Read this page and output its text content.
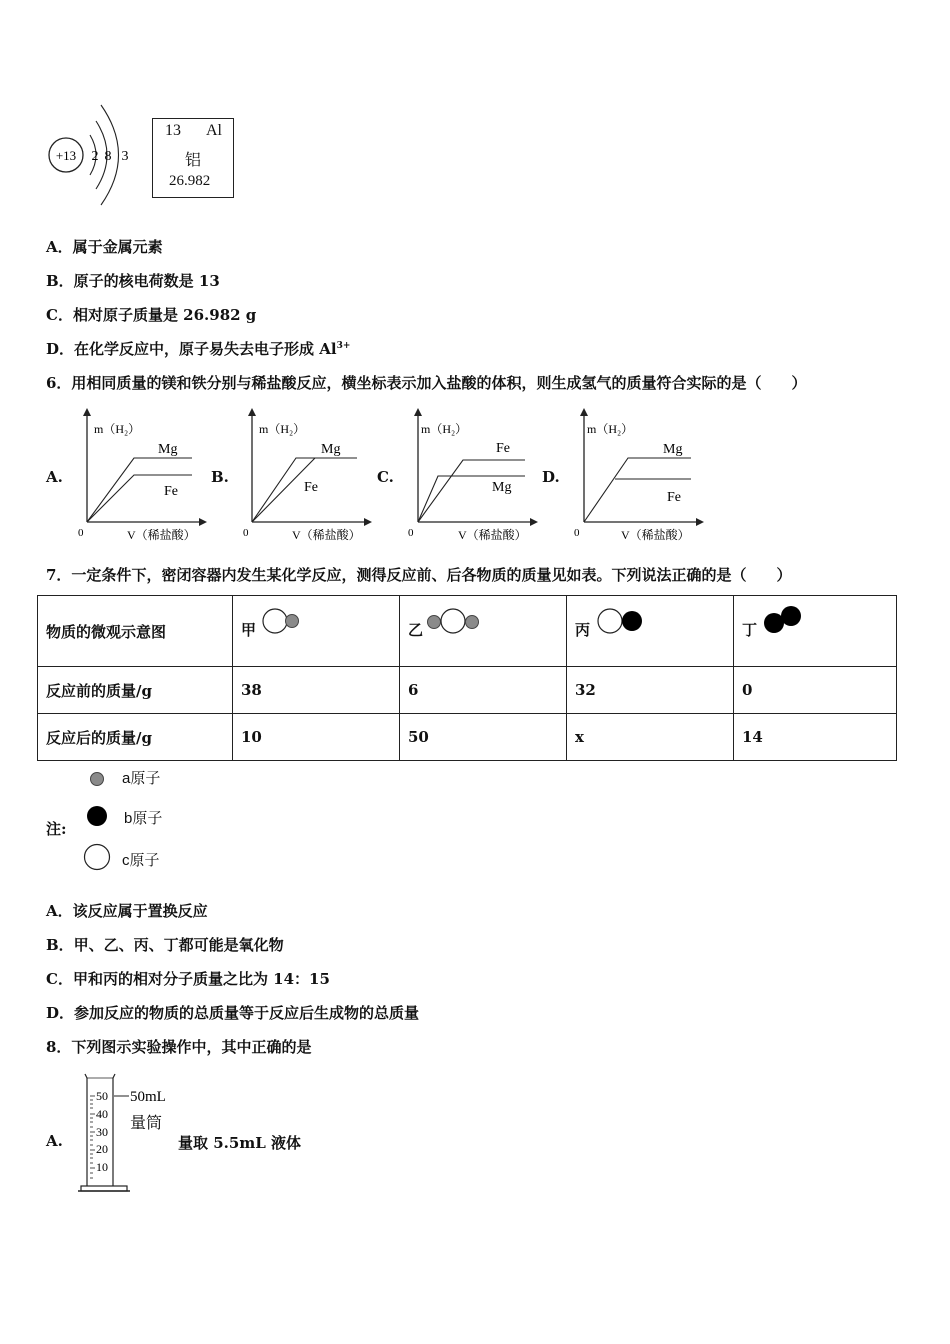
+13 2 8 3
13 Al
铝
26.982
A．属于金属元素
B．原子的核电荷数是 13
C．相对原子质量是 26.982 g
D．在化学反应中，原子易失去电子形成 $Al^{3+}$
6．用相同质量的镁和铁分别与稀盐酸反应，横坐标表示加入盐酸的体积，则生成氢气的质量符合实际的是（　　）
A.	B.	C.	D.
m（H₂）
V（稀盐酸）
0
Mg
Fe
m（H₂）
V（稀盐酸）
0
Mg
Fe
m（H₂）
V（稀盐酸）
0
Fe
Mg
m（H₂）
V（稀盐酸）
0
Mg
Fe
7．一定条件下，密闭容器内发生某化学反应，测得反应前、后各物质的质量见如表。下列说法正确的是（　　）
物质的微观示意图	甲	乙	丙	丁

反应前的质量/g	38	6	32	0
反应后的质量/g	10	50	x	14
注:
a原子
b原子
c原子
A．该反应属于置换反应
B．甲、乙、丙、丁都可能是氧化物
C．甲和丙的相对分子质量之比为 14：15
D．参加反应的物质的总质量等于反应后生成物的总质量
8．下列图示实验操作中，其中正确的是
A.
50
40
30
20
10
50mL
量筒
量取 5.5mL 液体
